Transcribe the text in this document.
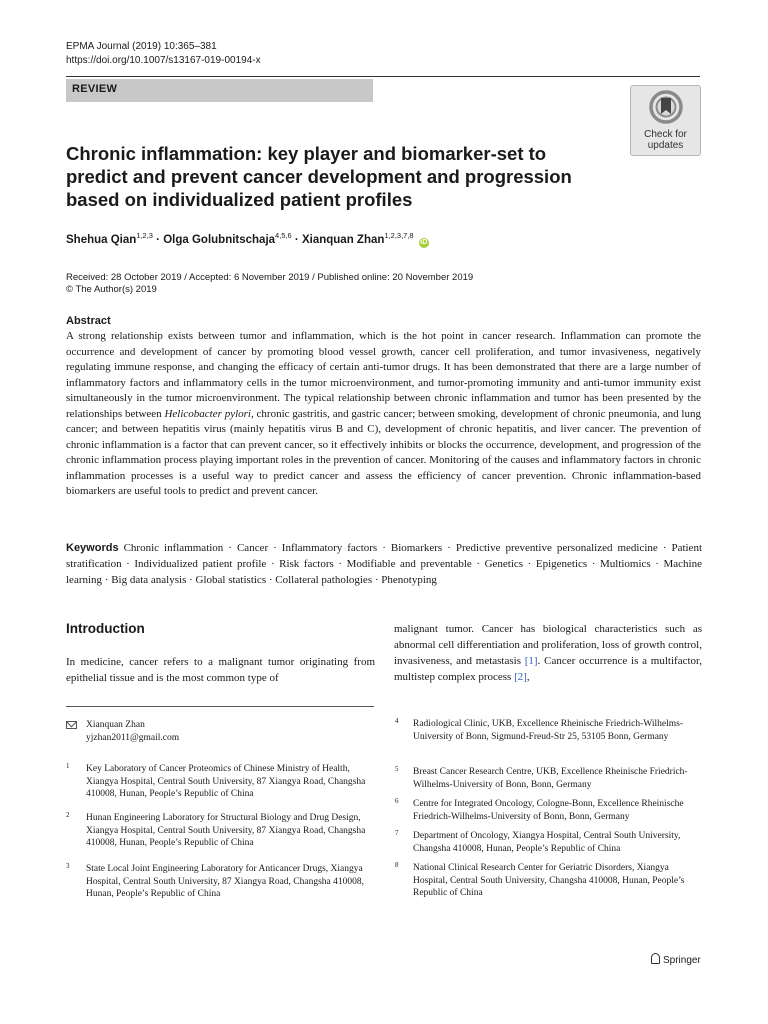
EPMA Journal (2019) 10:365–381
https://doi.org/10.1007/s13167-019-00194-x
REVIEW
Check for
updates
Chronic inflammation: key player and biomarker-set to predict and prevent cancer development and progression based on individualized patient profiles
Shehua Qian$^{1,2,3}$ · Olga Golubnitschaja$^{4,5,6}$ · Xianquan Zhan$^{1,2,3,7,8}$ iD
Received: 28 October 2019 / Accepted: 6 November 2019 / Published online: 20 November 2019
© The Author(s) 2019
Abstract
A strong relationship exists between tumor and inflammation, which is the hot point in cancer research. Inflammation can promote the occurrence and development of cancer by promoting blood vessel growth, cancer cell proliferation, and tumor invasiveness, negatively regulating immune response, and changing the efficacy of certain anti-tumor drugs. It has been demonstrated that there are a large number of inflammatory factors and inflammatory cells in the tumor microenvironment, and tumor-promoting immunity and anti-tumor immunity exist simultaneously in the tumor microenvironment. The typical relationship between chronic inflammation and tumor has been presented by the relationships between Helicobacter pylori, chronic gastritis, and gastric cancer; between smoking, development of chronic pneumonia, and lung cancer; and between hepatitis virus (mainly hepatitis virus B and C), development of chronic hepatitis, and liver cancer. The prevention of chronic inflammation is a factor that can prevent cancer, so it effectively inhibits or blocks the occurrence, development, and progression of the chronic inflammation process playing important roles in the prevention of cancer. Monitoring of the causes and inflammatory factors in chronic inflammation processes is a useful way to predict cancer and assess the efficiency of cancer prevention. Chronic inflammation-based biomarkers are useful tools to predict and prevent cancer.
Keywords Chronic inflammation · Cancer · Inflammatory factors · Biomarkers · Predictive preventive personalized medicine · Patient stratification · Individualized patient profile · Risk factors · Modifiable and preventable · Genetics · Epigenetics · Multiomics · Machine learning · Big data analysis · Global statistics · Collateral pathologies · Phenotyping
Introduction
In medicine, cancer refers to a malignant tumor originating from epithelial tissue and is the most common type of
malignant tumor. Cancer has biological characteristics such as abnormal cell differentiation and proliferation, loss of growth control, invasiveness, and metastasis [1]. Cancer occurrence is a multifactor, multistep complex process [2],
Xianquan Zhan
yjzhan2011@gmail.com
1 Key Laboratory of Cancer Proteomics of Chinese Ministry of Health, Xiangya Hospital, Central South University, 87 Xiangya Road, Changsha 410008, Hunan, People’s Republic of China
2 Hunan Engineering Laboratory for Structural Biology and Drug Design, Xiangya Hospital, Central South University, 87 Xiangya Road, Changsha 410008, Hunan, People’s Republic of China
3 State Local Joint Engineering Laboratory for Anticancer Drugs, Xiangya Hospital, Central South University, 87 Xiangya Road, Changsha 410008, Hunan, People’s Republic of China
4 Radiological Clinic, UKB, Excellence Rheinische Friedrich-Wilhelms-University of Bonn, Sigmund-Freud-Str 25, 53105 Bonn, Germany
5 Breast Cancer Research Centre, UKB, Excellence Rheinische Friedrich-Wilhelms-University of Bonn, Bonn, Germany
6 Centre for Integrated Oncology, Cologne-Bonn, Excellence Rheinische Friedrich-Wilhelms-University of Bonn, Bonn, Germany
7 Department of Oncology, Xiangya Hospital, Central South University, Changsha 410008, Hunan, People’s Republic of China
8 National Clinical Research Center for Geriatric Disorders, Xiangya Hospital, Central South University, Changsha 410008, Hunan, People’s Republic of China
Springer
